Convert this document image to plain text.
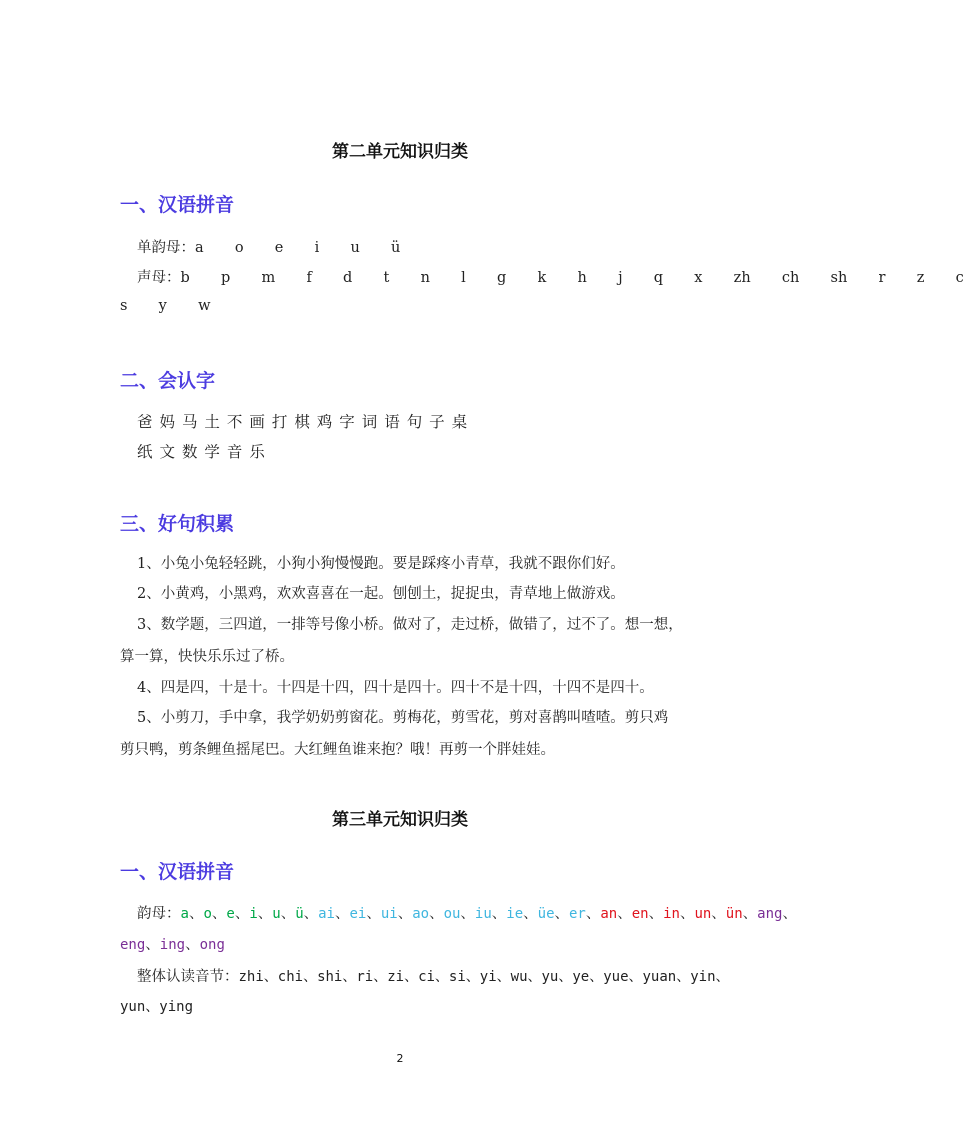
第二单元知识归类
一、汉语拼音
单韵母：a  o  e  i  u  ü
声母：b  p  m  f  d  t  n  l  g  k  h  j  q  x  zh  ch  sh  r  z  c
s  y  w
二、会认字
爸妈马土不画打棋鸡字词语句子桌
纸文数学音乐
三、好句积累
1、小兔小兔轻轻跳，小狗小狗慢慢跑。要是踩疼小青草，我就不跟你们好。
2、小黄鸡，小黑鸡，欢欢喜喜在一起。刨刨土，捉捉虫，青草地上做游戏。
3、数学题，三四道，一排等号像小桥。做对了，走过桥，做错了，过不了。想一想，
算一算，快快乐乐过了桥。
4、四是四，十是十。十四是十四，四十是四十。四十不是十四，十四不是四十。
5、小剪刀，手中拿，我学奶奶剪窗花。剪梅花，剪雪花，剪对喜鹊叫喳喳。剪只鸡
剪只鸭，剪条鲤鱼摇尾巴。大红鲤鱼谁来抱？哦！再剪一个胖娃娃。
第三单元知识归类
一、汉语拼音
韵母：a、o、e、i、u、ü、ai、ei、ui、ao、ou、iu、ie、üe、er、an、en、in、un、ün、ang、
eng、ing、ong
整体认读音节：zhi、chi、shi、ri、zi、ci、si、yi、wu、yu、ye、yue、yuan、yin、
yun、ying
2
